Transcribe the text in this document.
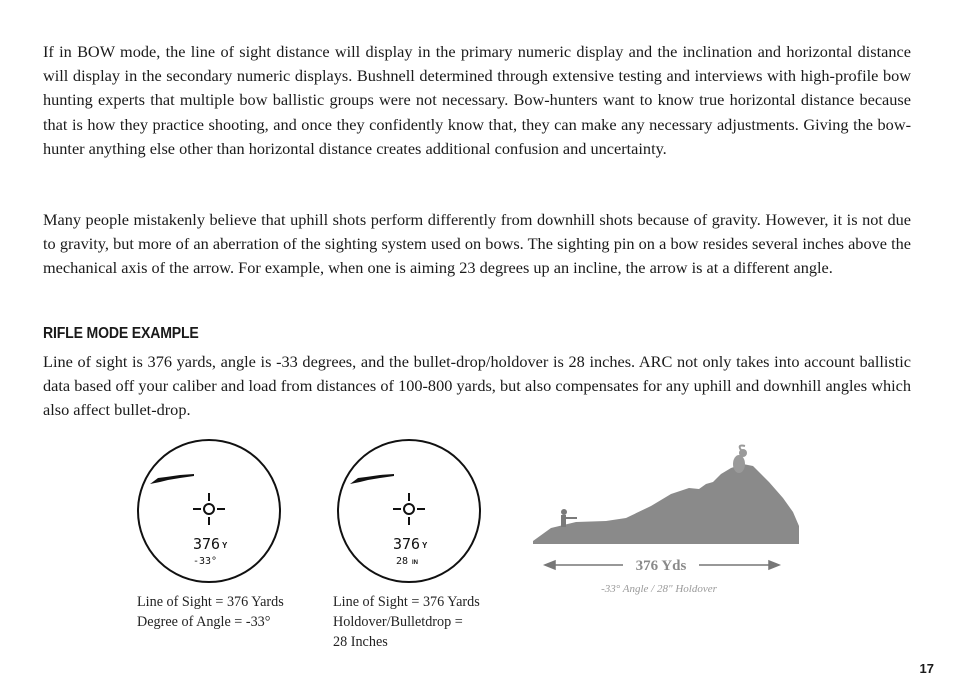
If in BOW mode, the line of sight distance will display in the primary numeric display and the inclination and horizontal distance will display in the secondary numeric displays. Bushnell determined through extensive testing and interviews with high-profile bow hunting experts that multiple bow ballistic groups were not necessary. Bow-hunters want to know true horizontal distance because that is how they practice shooting, and once they confidently know that, they can make any necessary adjustments. Giving the bow-hunter anything else other than horizontal distance creates additional confusion and uncertainty.

Many people mistakenly believe that uphill shots perform differently from downhill shots because of gravity. However, it is not due to gravity, but more of an aberration of the sighting system used on bows. The sighting pin on a bow resides several inches above the mechanical axis of the arrow. For example, when one is aiming 23 degrees up an incline, the arrow is at a different angle.

RIFLE MODE EXAMPLE

Line of sight is 376 yards, angle is -33 degrees, and the bullet-drop/holdover is 28 inches. ARC not only takes into account ballistic data based off your caliber and load from distances of 100-800 yards, but also compensates for any uphill and downhill angles which also affect bullet-drop.

376 Y
-33°
376 Y
28 IN
Line of Sight = 376 Yards
Degree of Angle = -33°
Line of Sight = 376 Yards
Holdover/Bulletdrop =
28 Inches
376 Yds
-33° Angle / 28" Holdover
17
